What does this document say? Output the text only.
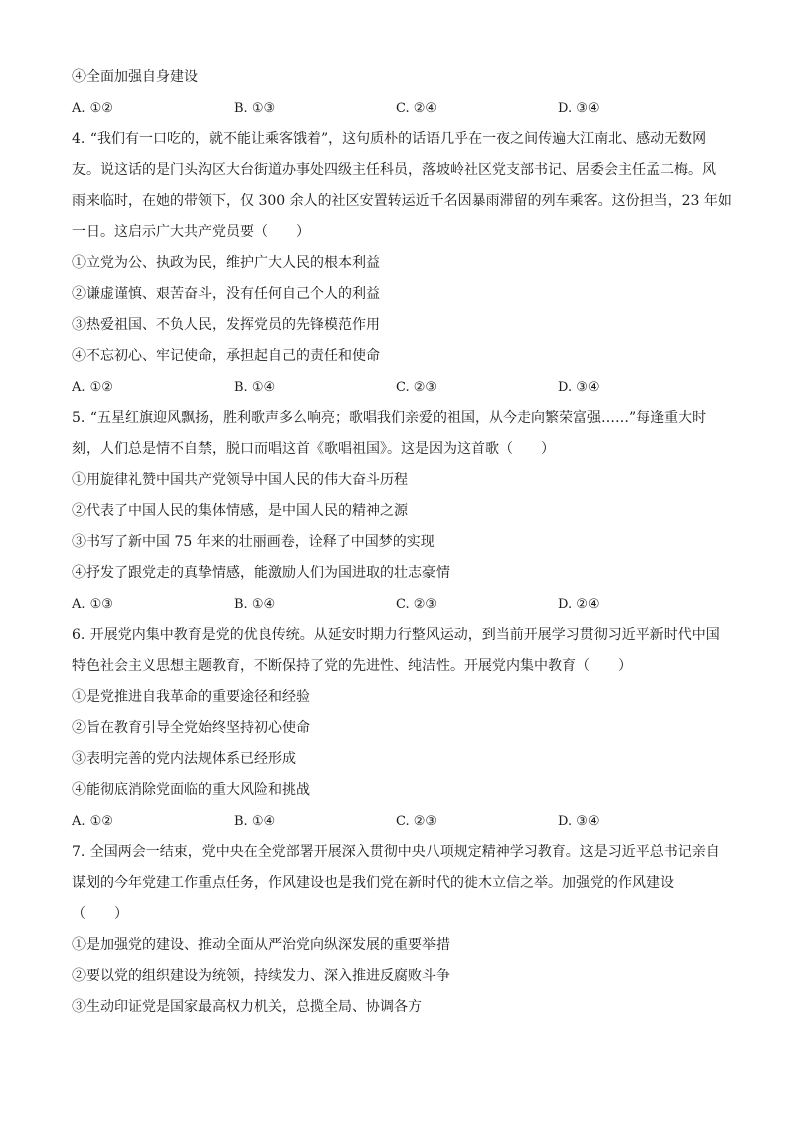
④全面加强自身建设
A. ①②	B. ①③	C. ②④	D. ③④
4. “我们有一口吃的，就不能让乘客饿着”，这句质朴的话语几乎在一夜之间传遍大江南北、感动无数网
友。说这话的是门头沟区大台街道办事处四级主任科员，落坡岭社区党支部书记、居委会主任孟二梅。风
雨来临时，在她的带领下，仅 300 余人的社区安置转运近千名因暴雨滞留的列车乘客。这份担当，23 年如
一日。这启示广大共产党员要（　　）
①立党为公、执政为民，维护广大人民的根本利益
②谦虚谨慎、艰苦奋斗，没有任何自己个人的利益
③热爱祖国、不负人民，发挥党员的先锋模范作用
④不忘初心、牢记使命，承担起自己的责任和使命
A. ①②	B. ①④	C. ②③	D. ③④
5. “五星红旗迎风飘扬，胜利歌声多么响亮；歌唱我们亲爱的祖国，从今走向繁荣富强……”每逢重大时
刻，人们总是情不自禁，脱口而唱这首《歌唱祖国》。这是因为这首歌（　　）
①用旋律礼赞中国共产党领导中国人民的伟大奋斗历程
②代表了中国人民的集体情感，是中国人民的精神之源
③书写了新中国 75 年来的壮丽画卷，诠释了中国梦的实现
④抒发了跟党走的真挚情感，能激励人们为国进取的壮志豪情
A. ①③	B. ①④	C. ②③	D. ②④
6. 开展党内集中教育是党的优良传统。从延安时期力行整风运动，到当前开展学习贯彻习近平新时代中国
特色社会主义思想主题教育，不断保持了党的先进性、纯洁性。开展党内集中教育（　　）
①是党推进自我革命的重要途径和经验
②旨在教育引导全党始终坚持初心使命
③表明完善的党内法规体系已经形成
④能彻底消除党面临的重大风险和挑战
A. ①②	B. ①④	C. ②③	D. ③④
7. 全国两会一结束，党中央在全党部署开展深入贯彻中央八项规定精神学习教育。这是习近平总书记亲自
谋划的今年党建工作重点任务，作风建设也是我们党在新时代的徙木立信之举。加强党的作风建设
（　　）
①是加强党的建设、推动全面从严治党向纵深发展的重要举措
②要以党的组织建设为统领，持续发力、深入推进反腐败斗争
③生动印证党是国家最高权力机关，总揽全局、协调各方
